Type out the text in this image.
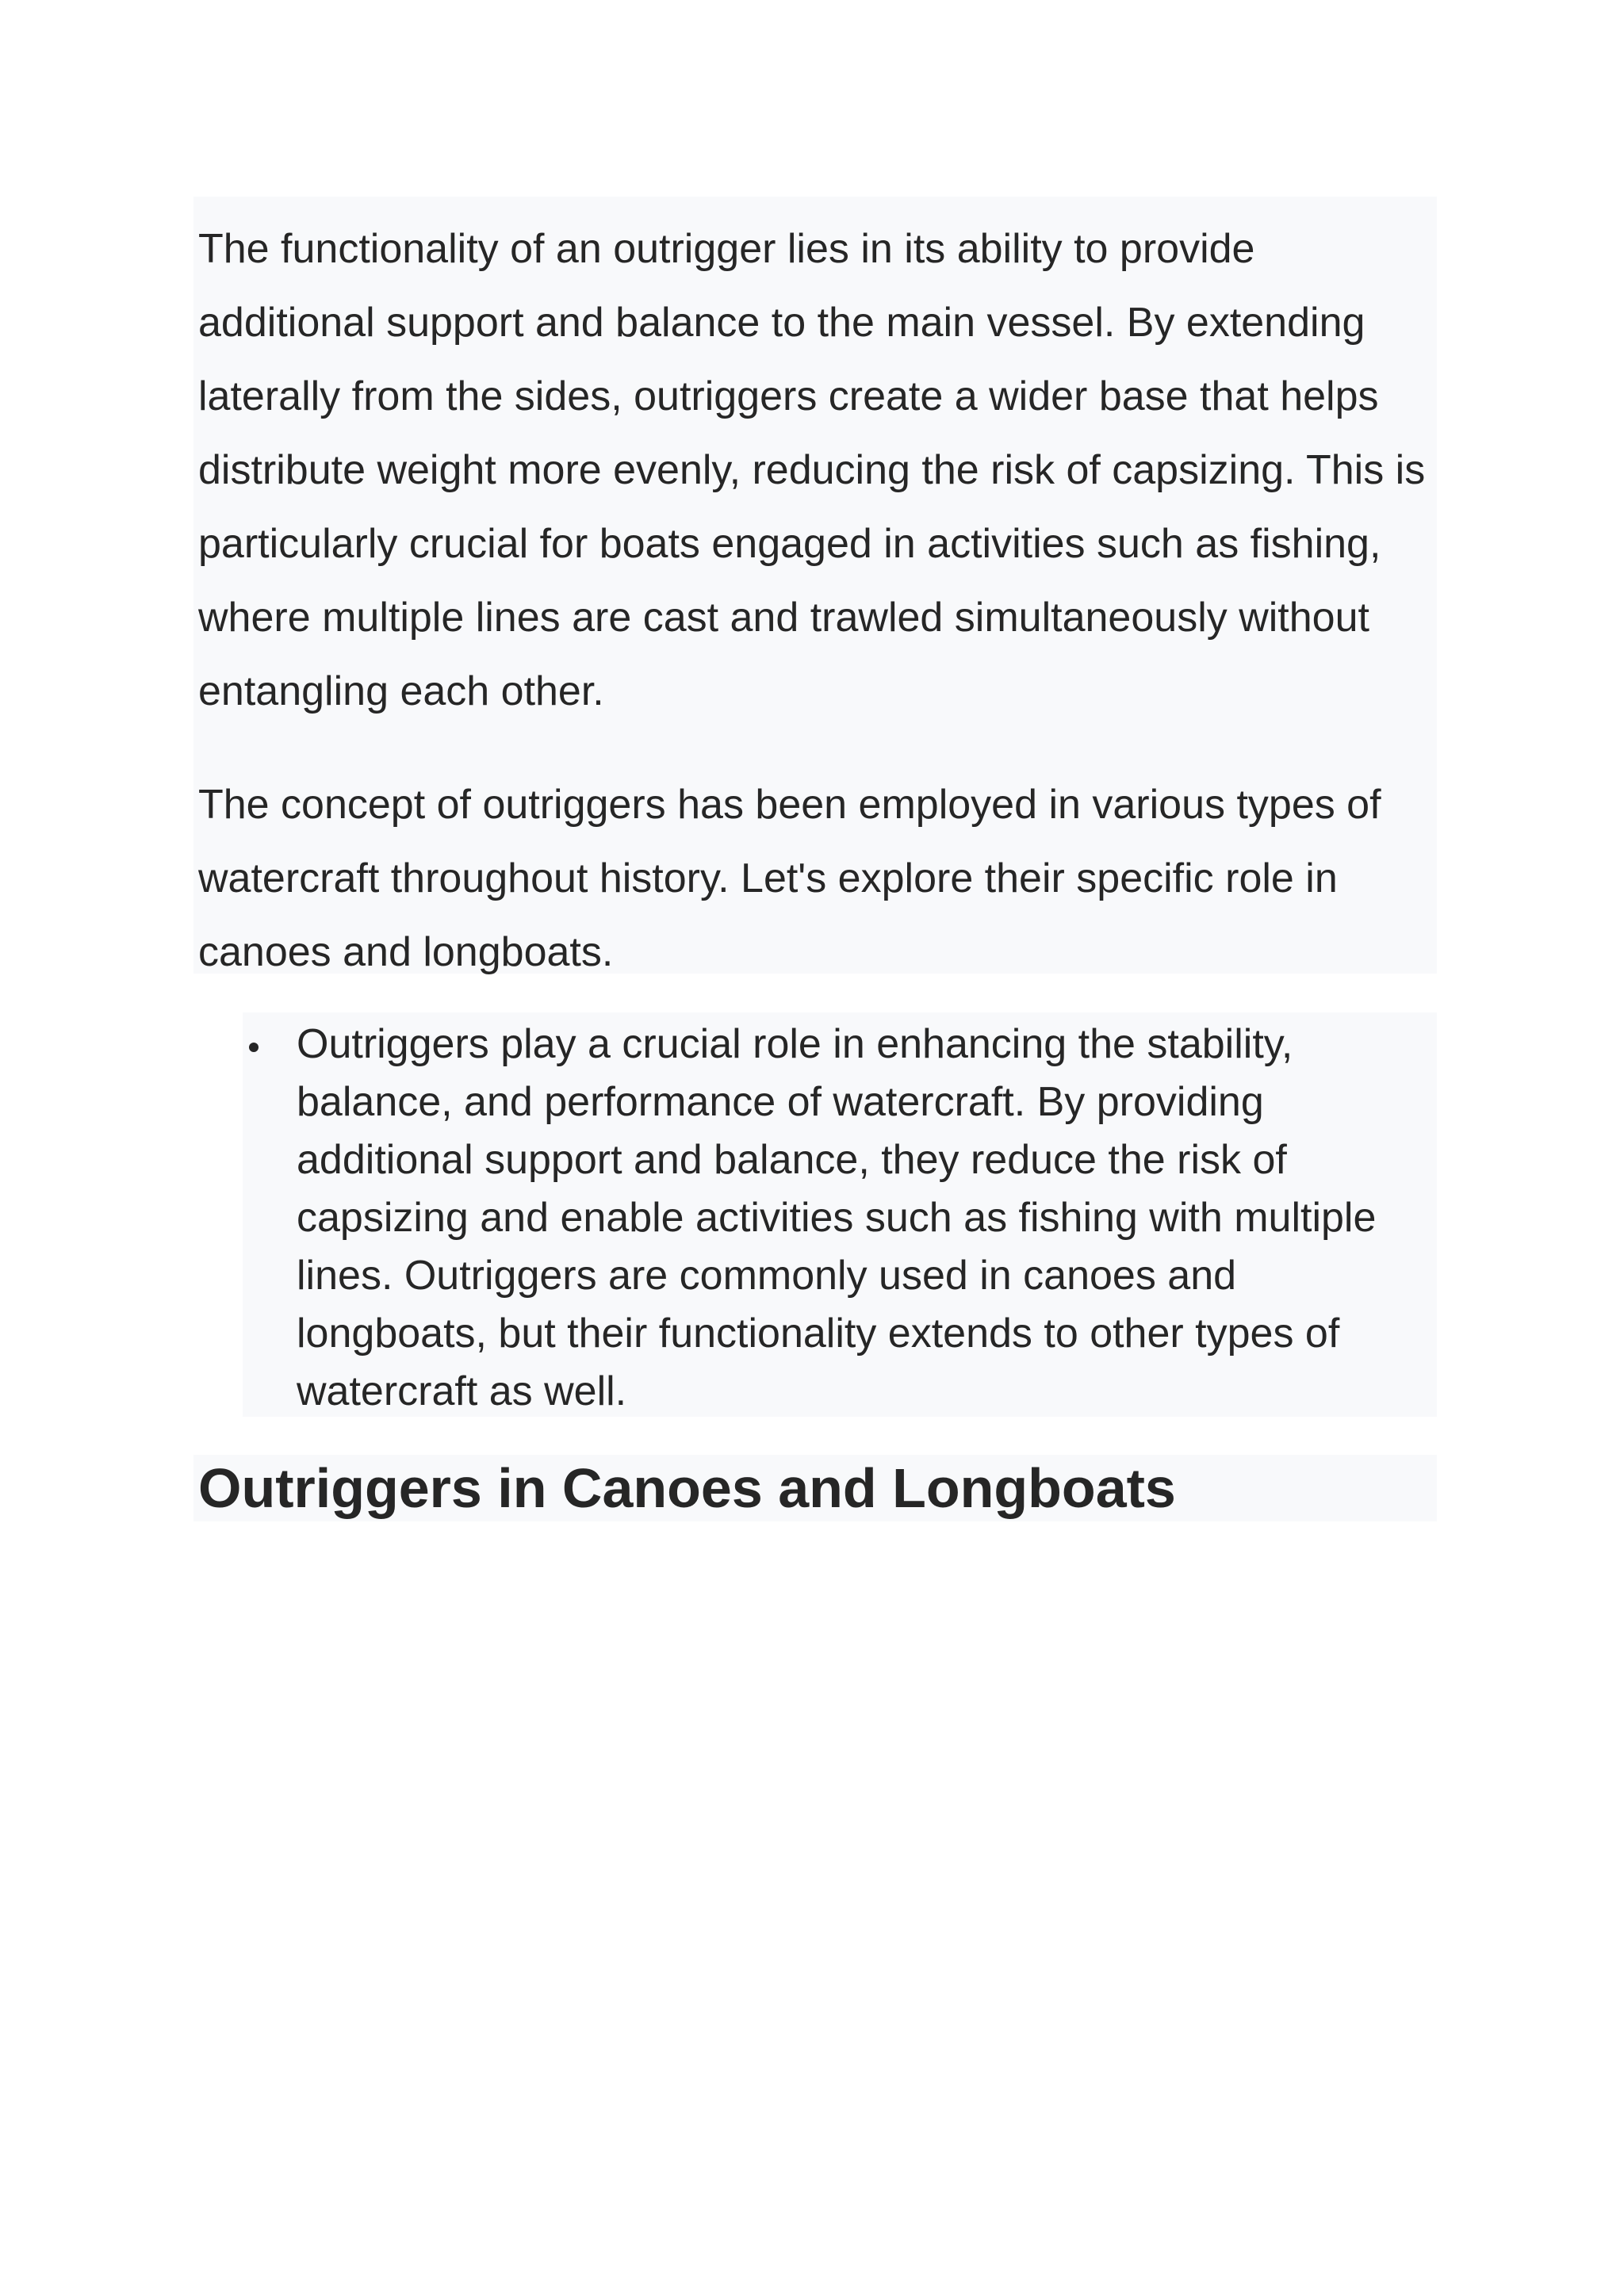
The functionality of an outrigger lies in its ability to provide additional support and balance to the main vessel. By extending laterally from the sides, outriggers create a wider base that helps distribute weight more evenly, reducing the risk of capsizing. This is particularly crucial for boats engaged in activities such as fishing, where multiple lines are cast and trawled simultaneously without entangling each other.

The concept of outriggers has been employed in various types of watercraft throughout history. Let's explore their specific role in canoes and longboats.

Outriggers play a crucial role in enhancing the stability, balance, and performance of watercraft. By providing additional support and balance, they reduce the risk of capsizing and enable activities such as fishing with multiple lines. Outriggers are commonly used in canoes and longboats, but their functionality extends to other types of watercraft as well.

Outriggers in Canoes and Longboats
